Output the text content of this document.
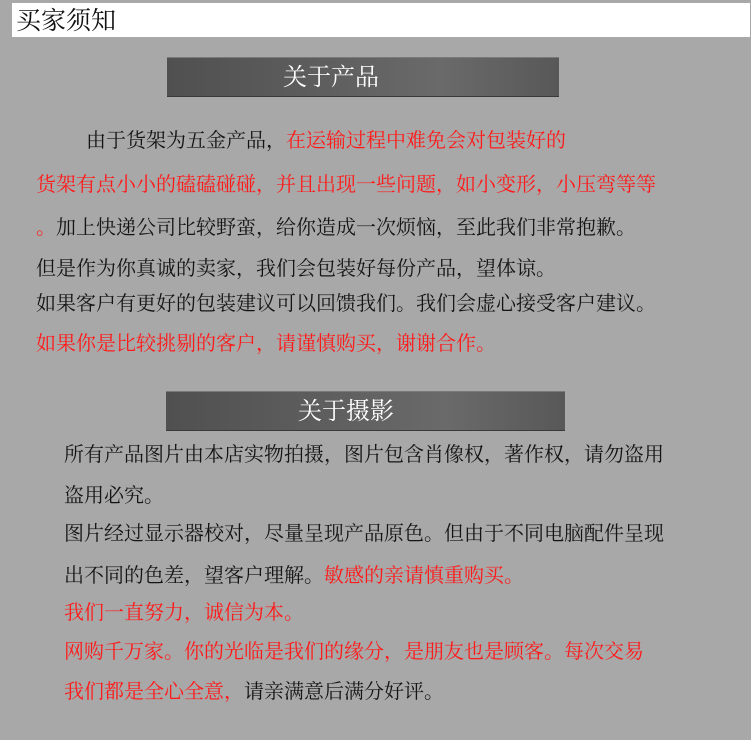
买家须知
关于产品
由于货架为五金产品，在运输过程中难免会对包装好的
货架有点小小的磕磕碰碰，并且出现一些问题，如小变形，小压弯等等
。加上快递公司比较野蛮，给你造成一次烦恼，至此我们非常抱歉。
但是作为你真诚的卖家，我们会包装好每份产品，望体谅。
如果客户有更好的包装建议可以回馈我们。我们会虚心接受客户建议。
如果你是比较挑剔的客户，请谨慎购买，谢谢合作。
关于摄影
所有产品图片由本店实物拍摄，图片包含肖像权，著作权，请勿盗用
盗用必究。
图片经过显示器校对，尽量呈现产品原色。但由于不同电脑配件呈现
出不同的色差，望客户理解。敏感的亲请慎重购买。
我们一直努力，诚信为本。
网购千万家。你的光临是我们的缘分，是朋友也是顾客。每次交易
我们都是全心全意，请亲满意后满分好评。
